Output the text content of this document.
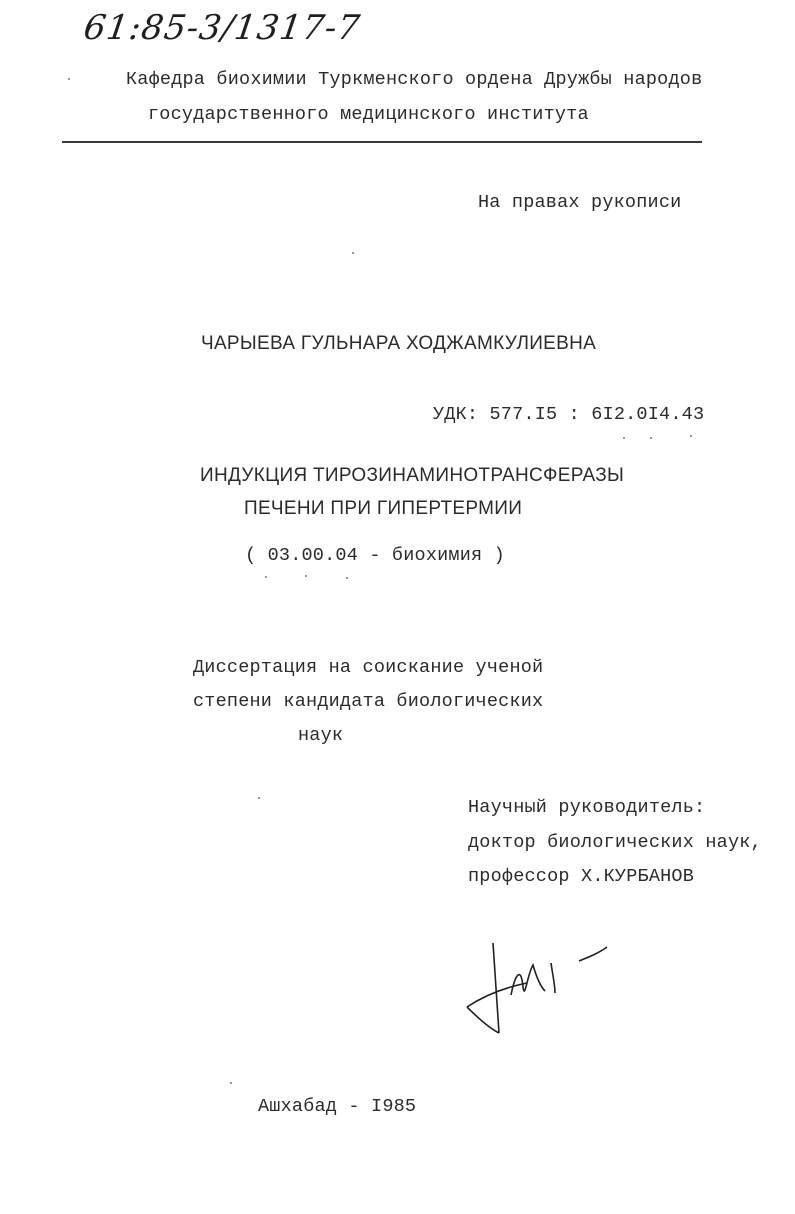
61:85-3/1317-7
Кафедра биохимии Туркменского ордена Дружбы народов
государственного медицинского института
На правах рукописи
ЧАРЫЕВА ГУЛЬНАРА ХОДЖАМКУЛИЕВНА
УДК: 577.I5 : 6I2.0I4.43
ИНДУКЦИЯ ТИРОЗИНАМИНОТРАНСФЕРАЗЫ
ПЕЧЕНИ ПРИ ГИПЕРТЕРМИИ
( 03.00.04 - биохимия )
Диссертация на соискание ученой
степени кандидата биологических
наук
Научный руководитель:
доктор биологических наук,
профессор Х.КУРБАНОВ
Ашхабад - I985
